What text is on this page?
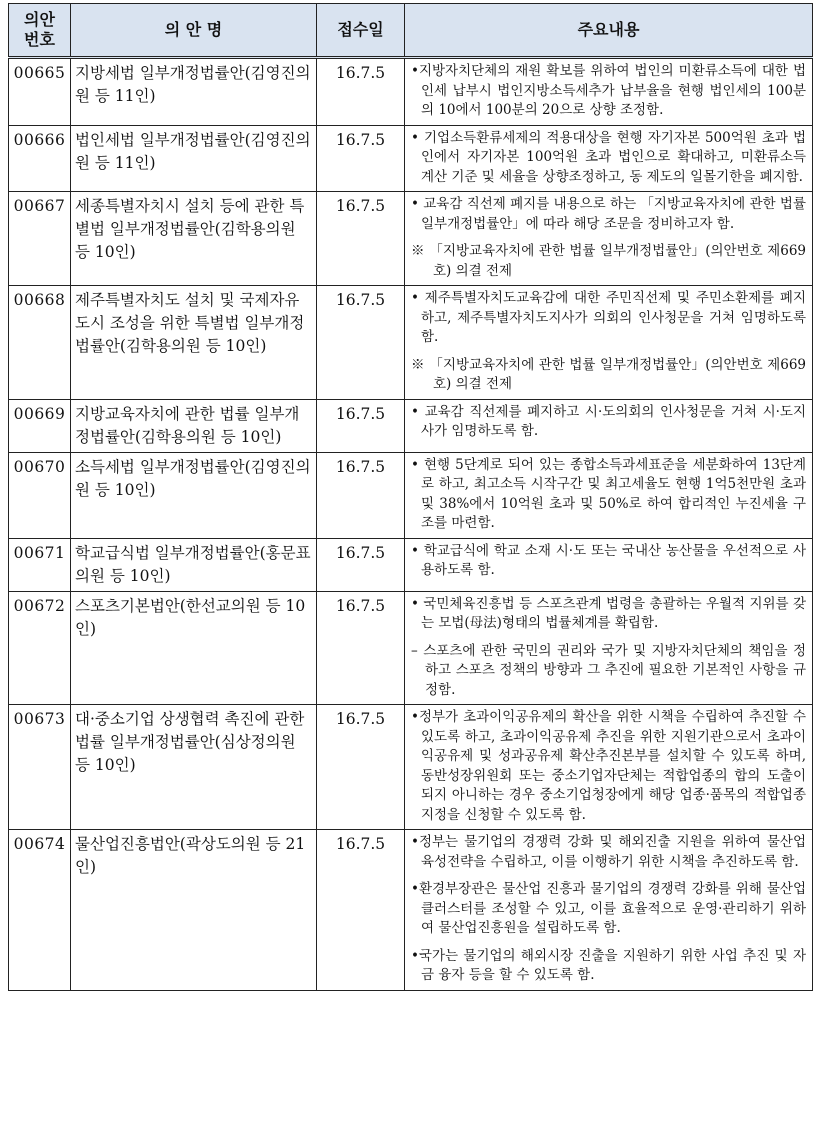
의안
번호	의 안 명	접수일	주요내용
00665	지방세법 일부개정법률안(김영진의원 등 11인)	16.7.5	•지방자치단체의 재원 확보를 위하여 법인의 미환류소득에 대한 법인세 납부시 법인지방소득세추가 납부율을 현행 법인세의 100분의 10에서 100분의 20으로 상향 조정함.

00666	법인세법 일부개정법률안(김영진의원 등 11인)	16.7.5	• 기업소득환류세제의 적용대상을 현행 자기자본 500억원 초과 법인에서 자기자본 100억원 초과 법인으로 확대하고, 미환류소득 계산 기준 및 세율을 상향조정하고, 동 제도의 일몰기한을 폐지함.

00667	세종특별자치시 설치 등에 관한 특별법 일부개정법률안(김학용의원 등 10인)	16.7.5	• 교육감 직선제 폐지를 내용으로 하는 「지방교육자치에 관한 법률 일부개정법률안」에 따라 해당 조문을 정비하고자 함.
※ 「지방교육자치에 관한 법률 일부개정법률안」(의안번호 제669호) 의결 전제

00668	제주특별자치도 설치 및 국제자유도시 조성을 위한 특별법 일부개정법률안(김학용의원 등 10인)	16.7.5	• 제주특별자치도교육감에 대한 주민직선제 및 주민소환제를 폐지하고, 제주특별자치도지사가 의회의 인사청문을 거쳐 임명하도록 함.
※ 「지방교육자치에 관한 법률 일부개정법률안」(의안번호 제669호) 의결 전제

00669	지방교육자치에 관한 법률 일부개정법률안(김학용의원 등 10인)	16.7.5	• 교육감 직선제를 폐지하고 시·도의회의 인사청문을 거쳐 시·도지사가 임명하도록 함.

00670	소득세법 일부개정법률안(김영진의원 등 10인)	16.7.5	• 현행 5단계로 되어 있는 종합소득과세표준을 세분화하여 13단계로 하고, 최고소득 시작구간 및 최고세율도 현행 1억5천만원 초과 및 38%에서 10억원 초과 및 50%로 하여 합리적인 누진세율 구조를 마련함.

00671	학교급식법 일부개정법률안(홍문표의원 등 10인)	16.7.5	• 학교급식에 학교 소재 시·도 또는 국내산 농산물을 우선적으로 사용하도록 함.

00672	스포츠기본법안(한선교의원 등 10인)	16.7.5	• 국민체육진흥법 등 스포츠관계 법령을 총괄하는 우월적 지위를 갖는 모법(母法)형태의 법률체계를 확립함.
– 스포츠에 관한 국민의 권리와 국가 및 지방자치단체의 책임을 정하고 스포츠 정책의 방향과 그 추진에 필요한 기본적인 사항을 규정함.

00673	대·중소기업 상생협력 촉진에 관한 법률 일부개정법률안(심상정의원 등 10인)	16.7.5	•정부가 초과이익공유제의 확산을 위한 시책을 수립하여 추진할 수 있도록 하고, 초과이익공유제 추진을 위한 지원기관으로서 초과이익공유제 및 성과공유제 확산추진본부를 설치할 수 있도록 하며, 동반성장위원회 또는 중소기업자단체는 적합업종의 합의 도출이 되지 아니하는 경우 중소기업청장에게 해당 업종·품목의 적합업종 지정을 신청할 수 있도록 함.

00674	물산업진흥법안(곽상도의원 등 21인)	16.7.5	•정부는 물기업의 경쟁력 강화 및 해외진출 지원을 위하여 물산업 육성전략을 수립하고, 이를 이행하기 위한 시책을 추진하도록 함.
•환경부장관은 물산업 진흥과 물기업의 경쟁력 강화를 위해 물산업 클러스터를 조성할 수 있고, 이를 효율적으로 운영·관리하기 위하여 물산업진흥원을 설립하도록 함.
•국가는 물기업의 해외시장 진출을 지원하기 위한 사업 추진 및 자금 융자 등을 할 수 있도록 함.
